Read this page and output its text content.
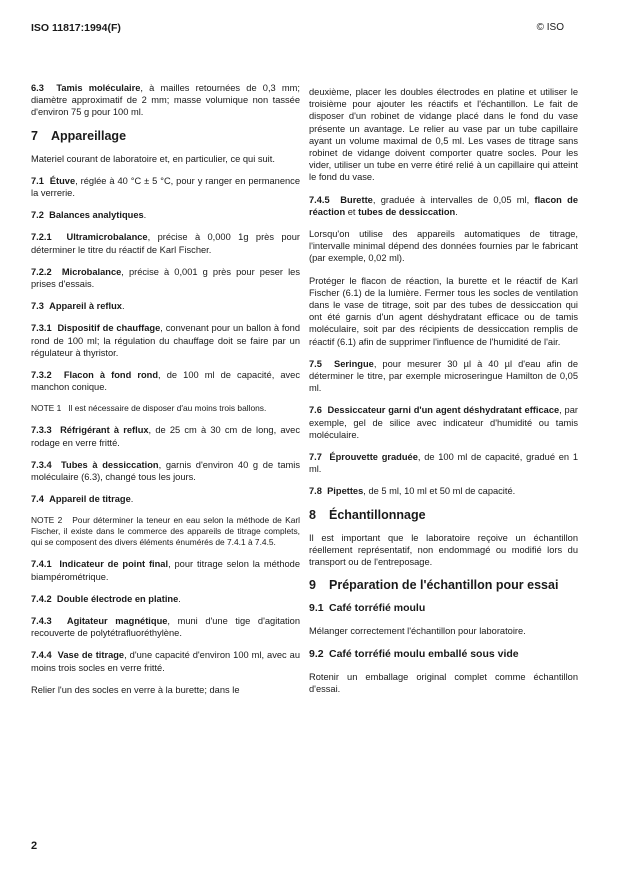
ISO 11817:1994(F)	© ISO

6.3 Tamis moléculaire, à mailles retournées de 0,3 mm; diamètre approximatif de 2 mm; masse volumique non tassée d'environ 75 g pour 100 ml.

7 Appareillage

Materiel courant de laboratoire et, en particulier, ce qui suit.

7.1 Étuve, réglée à 40 °C ± 5 °C, pour y ranger en permanence la verrerie.

7.2 Balances analytiques.

7.2.1 Ultramicrobalance, précise à 0,000 1g près pour déterminer le titre du réactif de Karl Fischer.

7.2.2 Microbalance, précise à 0,001 g près pour peser les prises d'essais.

7.3 Appareil à reflux.

7.3.1 Dispositif de chauffage, convenant pour un ballon à fond rond de 100 ml; la régulation du chauffage doit se faire par un régulateur à thyristor.

7.3.2 Flacon à fond rond, de 100 ml de capacité, avec manchon conique.

NOTE 1 Il est nécessaire de disposer d'au moins trois ballons.

7.3.3 Réfrigérant à reflux, de 25 cm à 30 cm de long, avec rodage en verre fritté.

7.3.4 Tubes à dessiccation, garnis d'environ 40 g de tamis moléculaire (6.3), changé tous les jours.

7.4 Appareil de titrage.

NOTE 2 Pour déterminer la teneur en eau selon la méthode de Karl Fischer, il existe dans le commerce des appareils de titrage complets, qui se composent des divers éléments énumérés de 7.4.1 à 7.4.5.

7.4.1 Indicateur de point final, pour titrage selon la méthode biampérométrique.

7.4.2 Double électrode en platine.

7.4.3 Agitateur magnétique, muni d'une tige d'agitation recouverte de polytétrafluoréthylène.

7.4.4 Vase de titrage, d'une capacité d'environ 100 ml, avec au moins trois socles en verre fritté.

Relier l'un des socles en verre à la burette; dans le

deuxième, placer les doubles électrodes en platine et utiliser le troisième pour ajouter les réactifs et l'échantillon. Le fait de disposer d'un robinet de vidange placé dans le fond du vase présente un avantage. Le relier au vase par un tube capillaire ayant un volume maximal de 0,5 ml. Les vases de titrage sans robinet de vidange doivent comporter quatre socles. Pour les vider, utiliser un tube en verre étiré relié à un capillaire qui atteint le fond du vase.

7.4.5 Burette, graduée à intervalles de 0,05 ml, flacon de réaction et tubes de dessiccation.

Lorsqu'on utilise des appareils automatiques de titrage, l'intervalle minimal dépend des données fournies par le fabricant (par exemple, 0,02 ml).

Protéger le flacon de réaction, la burette et le réactif de Karl Fischer (6.1) de la lumière. Fermer tous les socles de ventilation dans le vase de titrage, soit par des tubes de dessiccation qui ont été garnis d'un agent déshydratant efficace ou de tamis moléculaire, soit par des récipients de dessiccation remplis de réactif (6.1) afin de supprimer l'influence de l'humidité de l'air.

7.5 Seringue, pour mesurer 30 µl à 40 µl d'eau afin de déterminer le titre, par exemple microseringue Hamilton de 0,05 ml.

7.6 Dessiccateur garni d'un agent déshydratant efficace, par exemple, gel de silice avec indicateur d'humidité ou tamis moléculaire.

7.7 Éprouvette graduée, de 100 ml de capacité, gradué en 1 ml.

7.8 Pipettes, de 5 ml, 10 ml et 50 ml de capacité.

8 Échantillonnage

Il est important que le laboratoire reçoive un échantillon réellement représentatif, non endommagé ou modifié lors du transport ou de l'entreposage.

9 Préparation de l'échantillon pour essai
9.1 Café torréfié moulu

Mélanger correctement l'échantillon pour laboratoire.

9.2 Café torréfié moulu emballé sous vide

Rotenir un emballage original complet comme échantillon d'essai.

2
